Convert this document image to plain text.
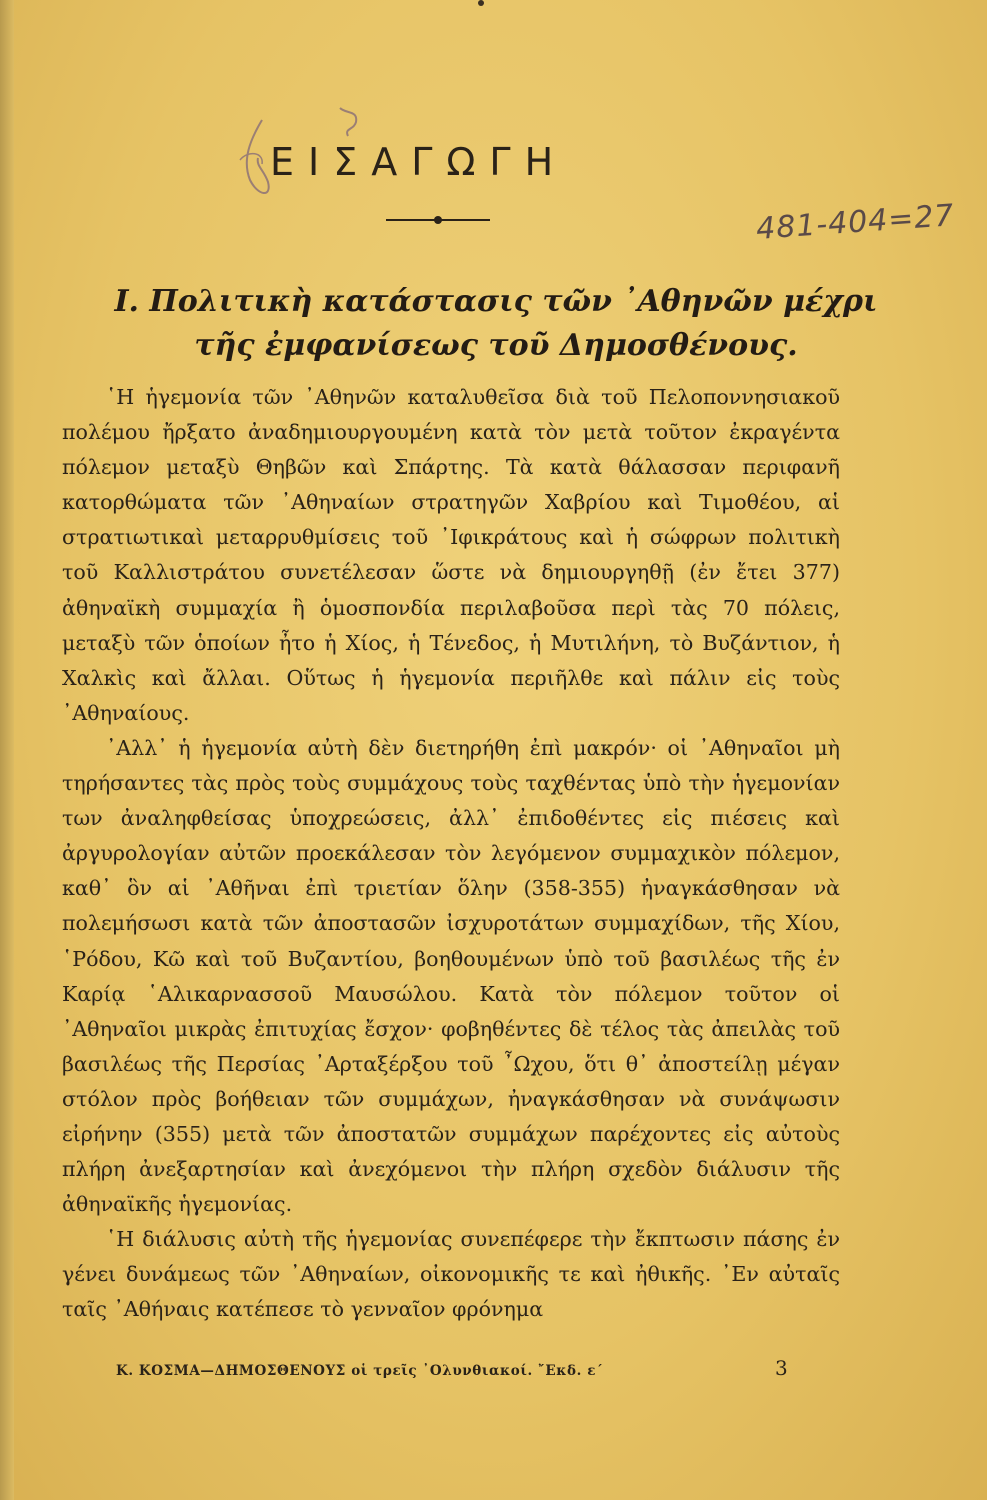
ΕΙΣΑΓΩΓΗ
481-404=27
Ι. Πολιτικὴ κατάστασις τῶν ᾿Αθηνῶν μέχρι τῆς ἐμφανίσεως τοῦ Δημοσθένους.

῾Η ἡγεμονία τῶν ᾿Αθηνῶν καταλυθεῖσα διὰ τοῦ Πελοποννησιακοῦ πολέμου ἤρξατο ἀναδημιουργουμένη κατὰ τὸν μετὰ τοῦτον ἐκραγέντα πόλεμον μεταξὺ Θηβῶν καὶ Σπάρτης. Τὰ κατὰ θάλασσαν περιφανῆ κατορθώματα τῶν ᾿Αθηναίων στρατηγῶν Χαβρίου καὶ Τιμοθέου, αἱ στρατιωτικαὶ μεταρρυθμίσεις τοῦ ᾿Ιφικράτους καὶ ἡ σώφρων πολιτικὴ τοῦ Καλλιστράτου συνετέλεσαν ὥστε νὰ δημιουργηθῇ (ἐν ἔτει 377) ἀθηναϊκὴ συμμαχία ἢ ὁμοσπονδία περιλαβοῦσα περὶ τὰς 70 πόλεις, μεταξὺ τῶν ὁποίων ἦτο ἡ Χίος, ἡ Τένεδος, ἡ Μυτιλήνη, τὸ Βυζάντιον, ἡ Χαλκὶς καὶ ἄλλαι. Οὕτως ἡ ἡγεμονία περιῆλθε καὶ πάλιν εἰς τοὺς ᾿Αθηναίους.

᾿Αλλ᾿ ἡ ἡγεμονία αὐτὴ δὲν διετηρήθη ἐπὶ μακρόν· οἱ ᾿Αθηναῖοι μὴ τηρήσαντες τὰς πρὸς τοὺς συμμάχους τοὺς ταχθέντας ὑπὸ τὴν ἡγεμονίαν των ἀναληφθείσας ὑποχρεώσεις, ἀλλ᾿ ἐπιδοθέντες εἰς πιέσεις καὶ ἀργυρολογίαν αὐτῶν προεκάλεσαν τὸν λεγόμενον συμμαχικὸν πόλεμον, καθ᾿ ὃν αἱ ᾿Αθῆναι ἐπὶ τριετίαν ὅλην (358-355) ἠναγκάσθησαν νὰ πολεμήσωσι κατὰ τῶν ἀποστασῶν ἰσχυροτάτων συμμαχίδων, τῆς Χίου, ῾Ρόδου, Κῶ καὶ τοῦ Βυζαντίου, βοηθουμένων ὑπὸ τοῦ βασιλέως τῆς ἐν Καρίᾳ ῾Αλικαρνασσοῦ Μαυσώλου. Κατὰ τὸν πόλεμον τοῦτον οἱ ᾿Αθηναῖοι μικρὰς ἐπιτυχίας ἔσχον· φοβηθέντες δὲ τέλος τὰς ἀπειλὰς τοῦ βασιλέως τῆς Περσίας ᾿Αρταξέρξου τοῦ ῏Ωχου, ὅτι θ᾿ ἀποστείλῃ μέγαν στόλον πρὸς βοήθειαν τῶν συμμάχων, ἠναγκάσθησαν νὰ συνάψωσιν εἰρήνην (355) μετὰ τῶν ἀποστατῶν συμμάχων παρέχοντες εἰς αὐτοὺς πλήρη ἀνεξαρτησίαν καὶ ἀνεχόμενοι τὴν πλήρη σχεδὸν διάλυσιν τῆς ἀθηναϊκῆς ἡγεμονίας.

῾Η διάλυσις αὐτὴ τῆς ἡγεμονίας συνεπέφερε τὴν ἔκπτωσιν πάσης ἐν γένει δυνάμεως τῶν ᾿Αθηναίων, οἰκονομικῆς τε καὶ ἠθικῆς. ᾿Εν αὐταῖς ταῖς ᾿Αθήναις κατέπεσε τὸ γενναῖον φρόνημα

Κ. ΚΟΣΜΑ—ΔΗΜΟΣΘΕΝΟΥΣ οἱ τρεῖς ᾿Ολυνθιακοί. ῎Εκδ. ε´	3
